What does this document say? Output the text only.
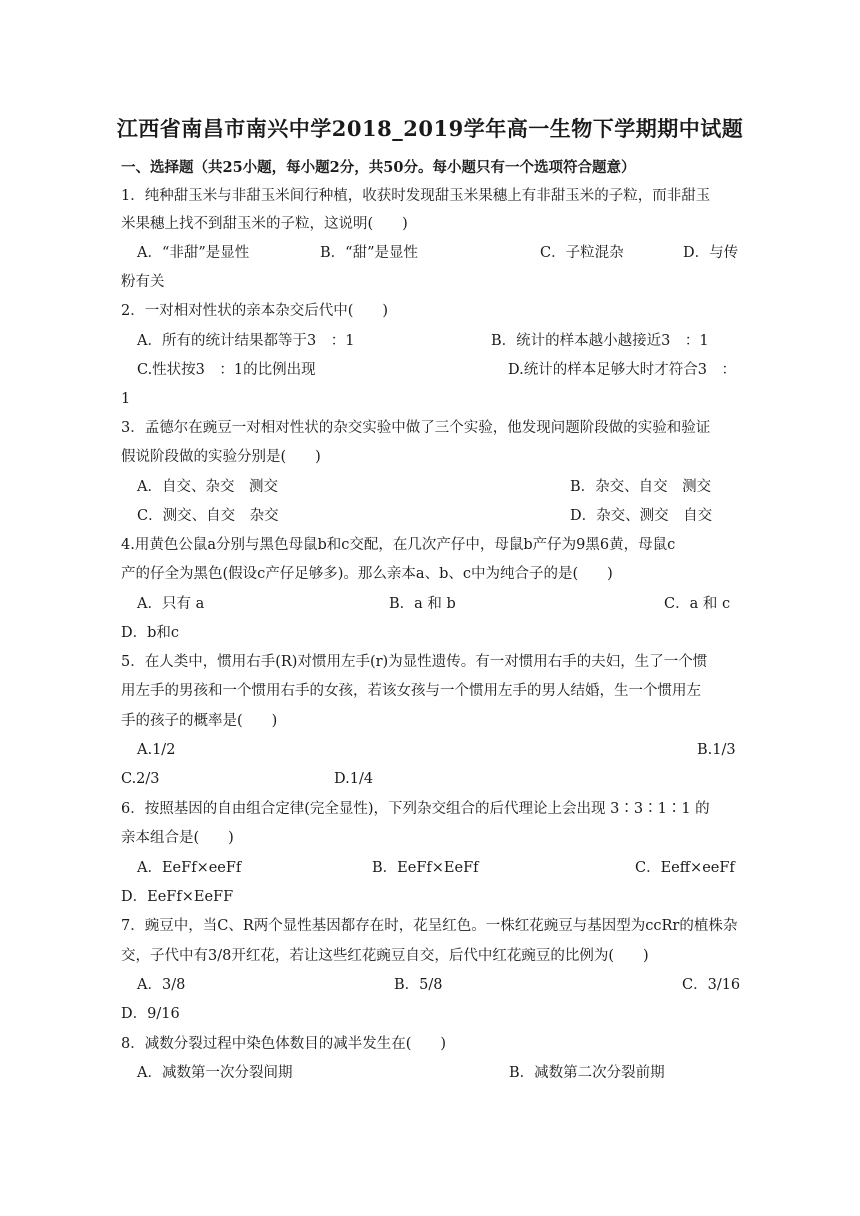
江西省南昌市南兴中学2018_2019学年高一生物下学期期中试题
一、选择题（共25小题，每小题2分，共50分。每小题只有一个选项符合题意）
1．纯种甜玉米与非甜玉米间行种植，收获时发现甜玉米果穗上有非甜玉米的子粒，而非甜玉
米果穗上找不到甜玉米的子粒，这说明(　　)
A．“非甜”是显性	B．“甜”是显性	C．子粒混杂	D．与传
粉有关
2．一对相对性状的亲本杂交后代中(　　)
A．所有的统计结果都等于3　：1	B．统计的样本越小越接近3　：1
C.性状按3　：1的比例出现	D.统计的样本足够大时才符合3　：
1
3．孟德尔在豌豆一对相对性状的杂交实验中做了三个实验，他发现问题阶段做的实验和验证
假说阶段做的实验分别是(　　)
A．自交、杂交　测交	B．杂交、自交　测交
C．测交、自交　杂交	D．杂交、测交　自交
4.用黄色公鼠a分别与黑色母鼠b和c交配，在几次产仔中，母鼠b产仔为9黑6黄，母鼠c
产的仔全为黑色(假设c产仔足够多)。那么亲本a、b、c中为纯合子的是(　　)
A．只有 a	B．a 和 b	C．a 和 c
D．b和c
5．在人类中，惯用右手(R)对惯用左手(r)为显性遗传。有一对惯用右手的夫妇，生了一个惯
用左手的男孩和一个惯用右手的女孩，若该女孩与一个惯用左手的男人结婚，生一个惯用左
手的孩子的概率是(　　)
A.1/2	B.1/3
C.2/3	D.1/4
6．按照基因的自由组合定律(完全显性)，下列杂交组合的后代理论上会出现 3∶3∶1∶1 的
亲本组合是(　　)
A．EeFf×eeFf	B．EeFf×EeFf	C．Eeff×eeFf
D．EeFf×EeFF
7．豌豆中，当C、R两个显性基因都存在时，花呈红色。一株红花豌豆与基因型为ccRr的植株杂
交，子代中有3/8开红花，若让这些红花豌豆自交，后代中红花豌豆的比例为(　　)
A．3/8	B．5/8	C．3/16
D．9/16
8．减数分裂过程中染色体数目的减半发生在(　　)
A．减数第一次分裂间期	B．减数第二次分裂前期
